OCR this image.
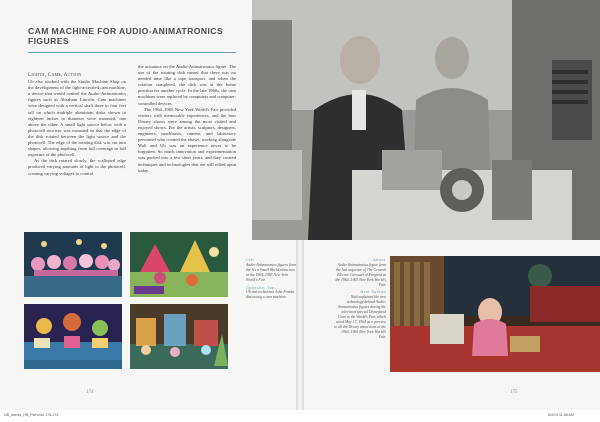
CAM MACHINE FOR AUDIO-ANIMATRONICS FIGURES

Lights, Cams, Action
Ub also worked with the Studio Machine Shop on the development of the light-activated cam machine, a device that would control the Audio-Animatronics figures such as Abraham Lincoln. Cam machines were designed with a vertical shaft three to four feet tall on which multiple aluminum disks shown to eighteen inches in diameter were mounted, one above the other. A small light source below with a photocell receiver was mounted so that the edge of the disk rotated between the light source and the photocell. The edge of the rotating disk was cut into shapes, allowing anything from full coverage to full exposure of the photocell.

As the disk rotated slowly, the scalloped edge produced varying amounts of light to the photocell, creating varying voltages to control

the actuators on the Audio-Animatronics figure. The use of the rotating disk meant that there was no needed time like a tape transport, and when the rotation completed, the disk was at the home position for another cycle. In the late 1960s, the cam machines were replaced by computers and computer-controlled devices.

The 1964–1965 New York World's Fair provided visitors with memorable experiences, and the four Disney shows were among the most visited and enjoyed shows. For the artists, sculptors, designers, engineers, machinists, camera, and laboratory personnel who created the shows, working alongside Walt and Ub was an experience never to be forgotten. So much innovation and experimentation was packed into a few short years, and they created techniques and technologies that are still relied upon today.

174
Left
Audio-Animatronics figures from the It's a Small World attraction at the 1964–1965 New York World's Fair.
Opposite, Top
Ub and technician John Franks discussing a cam machine.
Above
Audio-Animatronics figure from the last sequence of The General Electric Carousel of Progress at the 1964–1965 New York World's Fair.
Next Spread
Walt explained the new technology behind Audio-Animatronics figures during the television special Disneyland Goes to the World's Fair, which aired May 17, 1964 as a preview to all the Disney attractions at the 1964–1965 New York World's Fair.
175
UB_Iwerks_HB_Pwt.indd 174-175	6/3/19 11:58 AM
